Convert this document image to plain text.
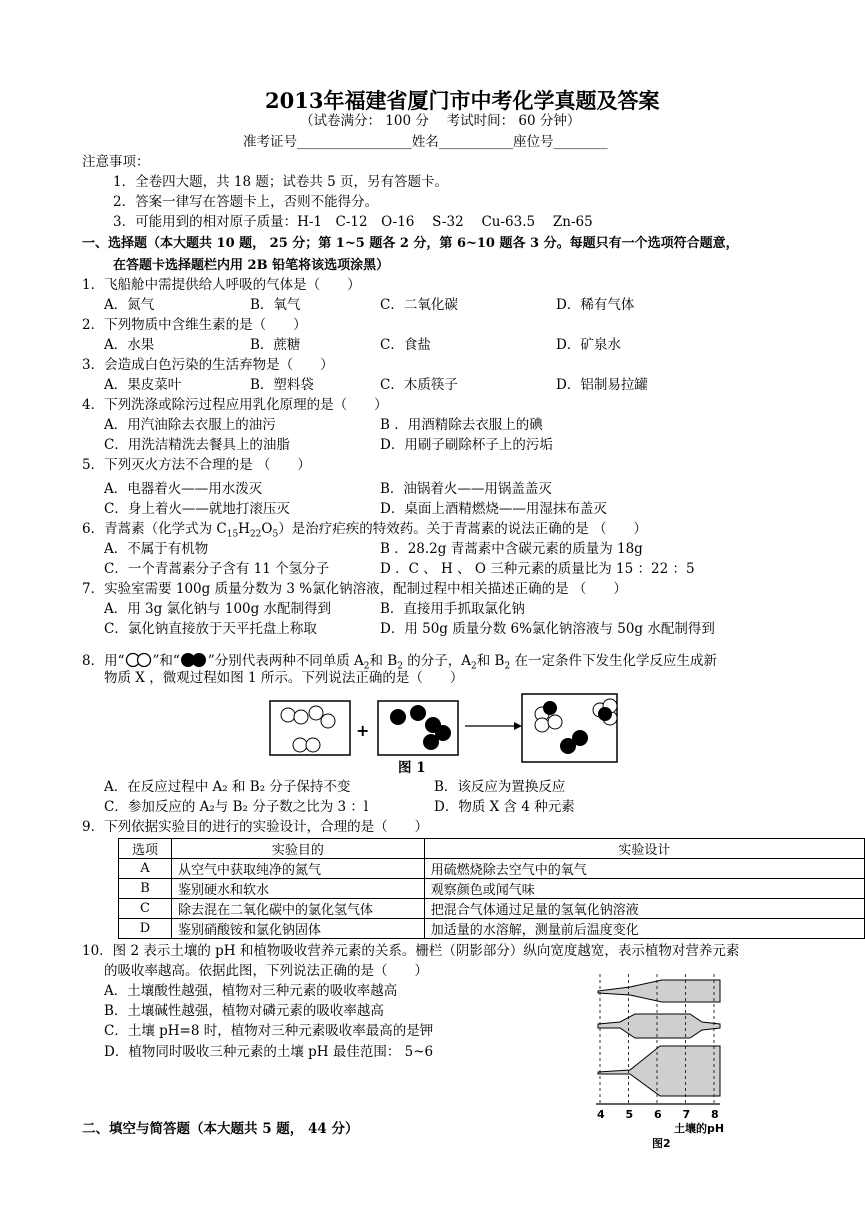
2013年福建省厦门市中考化学真题及答案
（试卷满分： 100 分　 考试时间： 60 分钟）
准考证号_________________姓名___________座位号________
注意事项：
1．全卷四大题，共 18 题；试卷共 5 页，另有答题卡。
2．答案一律写在答题卡上，否则不能得分。
3．可能用到的相对原子质量：H-1　C-12　O-16　 S-32　 Cu-63.5　 Zn-65
一、选择题（本大题共 10 题， 25 分；第 1~5 题各 2 分，第 6~10 题各 3 分。每题只有一个选项符合题意，
在答题卡选择题栏内用 2B 铅笔将该选项涂黑）
1．飞船舱中需提供给人呼吸的气体是（　　）
A．氮气	B．氧气	C．二氧化碳	D．稀有气体
2．下列物质中含维生素的是（　　）
A．水果	B．蔗糖	C．食盐	D．矿泉水
3．会造成白色污染的生活弃物是（　　）
A．果皮菜叶	B．塑料袋	C．木质筷子	D．铝制易拉罐
4．下列洗涤或除污过程应用乳化原理的是（　　）
A．用汽油除去衣服上的油污	B ．用酒精除去衣服上的碘
C．用洗洁精洗去餐具上的油脂	D．用刷子刷除杯子上的污垢
5．下列灭火方法不合理的是 （　　）
A．电器着火——用水泼灭	B．油锅着火——用锅盖盖灭
C．身上着火——就地打滚压灭	D．桌面上酒精燃烧——用湿抹布盖灭
6．青蒿素（化学式为 $C_{15}H_{22}O_5$）是治疗疟疾的特效药。关于青蒿素的说法正确的是 （　　）
A．不属于有机物	B ．28.2g 青蒿素中含碳元素的质量为 18g
C．一个青蒿素分子含有 11 个氢分子	D ．C 、 H 、 O 三种元素的质量比为 15 ：22 ：5
7．实验室需要 100g 质量分数为 3 %氯化钠溶液，配制过程中相关描述正确的是 （　　）
A．用 3g 氯化钠与 100g 水配制得到	B．直接用手抓取氯化钠
C．氯化钠直接放于天平托盘上称取	D．用 50g 质量分数 6%氯化钠溶液与 50g 水配制得到
8．用“ ”和“ ”分别代表两种不同单质 $A_2$和 $B_2$ 的分子，$A_2$和 $B_2$ 在一定条件下发生化学反应生成新
物质 X ，微观过程如图 1 所示。下列说法正确的是（　　）
+
图 1
A．在反应过程中 A₂ 和 B₂ 分子保持不变	B．该反应为置换反应
C．参加反应的 A₂与 B₂ 分子数之比为 3 ：l	D．物质 X 含 4 种元素
9．下列依据实验目的进行的实验设计，合理的是（　　）
选项	实验目的	实验设计
A	从空气中获取纯净的氮气	用硫燃烧除去空气中的氧气
B	鉴别硬水和软水	观察颜色或闻气味
C	除去混在二氧化碳中的氯化氢气体	把混合气体通过足量的氢氧化钠溶液
D	鉴别硝酸铵和氯化钠固体	加适量的水溶解，测量前后温度变化
10．图 2 表示土壤的 pH 和植物吸收营养元素的关系。栅栏（阴影部分）纵向宽度越宽，表示植物对营养元素
的吸收率越高。依据此图，下列说法正确的是（　　）
A．土壤酸性越强，植物对三种元素的吸收率越高
B．土壤碱性越强，植物对磷元素的吸收率越高
C．土壤 pH=8 时，植物对三种元素吸收率最高的是钾
D．植物同时吸收三种元素的土壤 pH 最佳范围： 5~6
4 5 6 7 8
土壤的pH
图2
二、填空与简答题（本大题共 5 题， 44 分）
